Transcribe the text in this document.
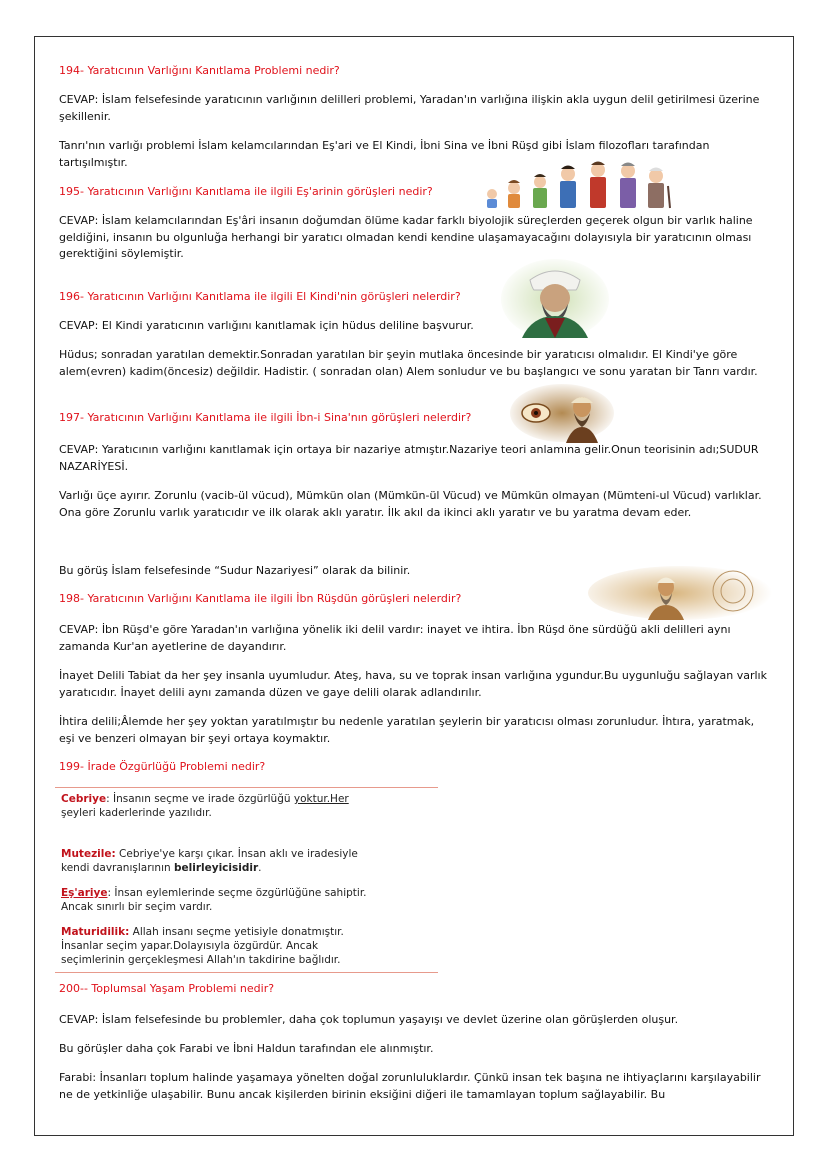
194- Yaratıcının Varlığını Kanıtlama Problemi nedir?

CEVAP: İslam felsefesinde yaratıcının varlığının delilleri problemi, Yaradan'ın varlığına ilişkin akla uygun delil getirilmesi üzerine şekillenir.

Tanrı'nın varlığı problemi İslam kelamcılarından Eş'ari ve El Kindi, İbni Sina ve İbni Rüşd gibi İslam filozofları tarafından tartışılmıştır.

195- Yaratıcının Varlığını Kanıtlama ile ilgili Eş'arinin görüşleri nedir?

CEVAP: İslam kelamcılarından Eş'âri insanın doğumdan ölüme kadar farklı biyolojik süreçlerden geçerek olgun bir varlık haline geldiğini, insanın bu olgunluğa herhangi bir yaratıcı olmadan kendi kendine ulaşamayacağını dolayısıyla bir yaratıcının olması gerektiğini söylemiştir.

196- Yaratıcının Varlığını Kanıtlama ile ilgili El Kindi'nin görüşleri nelerdir?

CEVAP: El Kindi yaratıcının varlığını kanıtlamak için hüdus deliline başvurur.

Hüdus; sonradan yaratılan demektir.Sonradan yaratılan bir şeyin mutlaka öncesinde bir yaratıcısı olmalıdır. El Kindi'ye göre alem(evren) kadim(öncesiz) değildir. Hadistir. ( sonradan olan) Alem sonludur ve bu başlangıcı ve sonu yaratan bir Tanrı vardır.

197- Yaratıcının Varlığını Kanıtlama ile ilgili İbn-i Sina'nın görüşleri nelerdir?

CEVAP: Yaratıcının varlığını kanıtlamak için ortaya bir nazariye atmıştır.Nazariye teori anlamına gelir.Onun teorisinin adı;SUDUR NAZARİYESİ.

Varlığı üçe ayırır. Zorunlu (vacib-ül vücud), Mümkün olan (Mümkün-ül Vücud) ve Mümkün olmayan (Mümteni-ul Vücud) varlıklar. Ona göre Zorunlu varlık yaratıcıdır ve ilk olarak aklı yaratır. İlk akıl da ikinci aklı yaratır ve bu yaratma devam eder.

Bu görüş İslam felsefesinde “Sudur Nazariyesi” olarak da bilinir.

198- Yaratıcının Varlığını Kanıtlama ile ilgili İbn Rüşdün görüşleri nelerdir?

CEVAP: İbn Rüşd'e göre Yaradan'ın varlığına yönelik iki delil vardır: inayet ve ihtira. İbn Rüşd öne sürdüğü akli delilleri aynı zamanda Kur'an ayetlerine de dayandırır.

İnayet Delili Tabiat da her şey insanla uyumludur. Ateş, hava, su ve toprak insan varlığına ygundur.Bu uygunluğu sağlayan varlık yaratıcıdır. İnayet delili aynı zamanda düzen ve gaye delili olarak adlandırılır.

İhtira delili;Âlemde her şey yoktan yaratılmıştır bu nedenle yaratılan şeylerin bir yaratıcısı olması zorunludur. İhtıra, yaratmak, eşi ve benzeri olmayan bir şeyi ortaya koymaktır.

199- İrade Özgürlüğü Problemi nedir?

Cebriye: İnsanın seçme ve irade özgürlüğü yoktur.Her

şeyleri kaderlerinde yazılıdır.

Mutezile: Cebriye'ye karşı çıkar. İnsan aklı ve iradesiyle

kendi davranışlarının belirleyicisidir.

Eş'ariye: İnsan eylemlerinde seçme özgürlüğüne sahiptir.

Ancak sınırlı bir seçim vardır.

Maturidilik: Allah insanı seçme yetisiyle donatmıştır.

İnsanlar seçim yapar.Dolayısıyla özgürdür. Ancak

seçimlerinin gerçekleşmesi Allah'ın takdirine bağlıdır.

200-- Toplumsal Yaşam Problemi nedir?

CEVAP: İslam felsefesinde bu problemler, daha çok toplumun yaşayışı ve devlet üzerine olan görüşlerden oluşur.

Bu görüşler daha çok Farabi ve İbni Haldun tarafından ele alınmıştır.

Farabi: İnsanları toplum halinde yaşamaya yönelten doğal zorunluluklardır. Çünkü insan tek başına ne ihtiyaçlarını karşılayabilir ne de yetkinliğe ulaşabilir. Bunu ancak kişilerden birinin eksiğini diğeri ile tamamlayan toplum sağlayabilir. Bu
